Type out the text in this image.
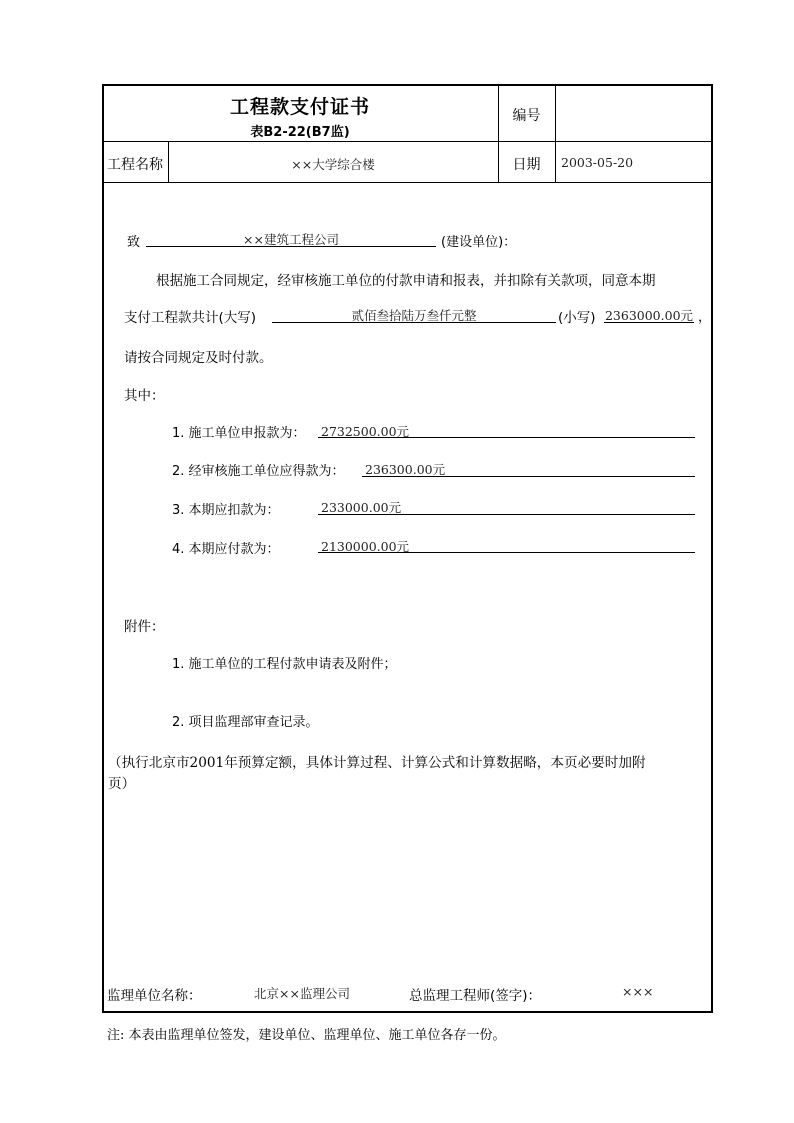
工程款支付证书
表B2-22(B7监)
编号
工程名称	××大学综合楼	日期	2003-05-20
致	××建筑工程公司	(建设单位)：
根据施工合同规定，经审核施工单位的付款申请和报表，并扣除有关款项，同意本期
支付工程款共计(大写)	贰佰叁拾陆万叁仟元整	(小写) 2363000.00元 ，
请按合同规定及时付款。
其中：
1. 施工单位申报款为： 2732500.00元
2. 经审核施工单位应得款为： 236300.00元
3. 本期应扣款为：	233000.00元
4. 本期应付款为：	2130000.00元
附件：
1. 施工单位的工程付款申请表及附件；
2. 项目监理部审查记录。
（执行北京市2001年预算定额，具体计算过程、计算公式和计算数据略，本页必要时加附
页）
监理单位名称：	北京××监理公司	总监理工程师(签字)：	×××
注: 本表由监理单位签发，建设单位、监理单位、施工单位各存一份。
